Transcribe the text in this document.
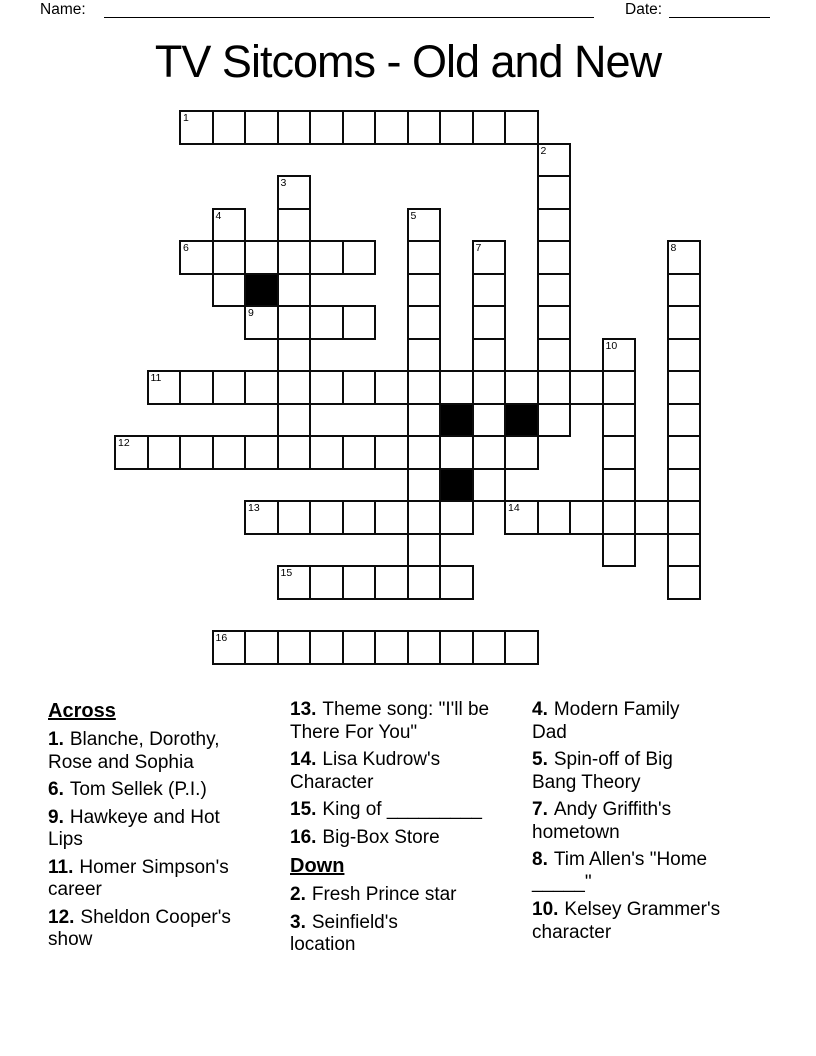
Name:	Date:
TV Sitcoms - Old and New
1
2
3
4	5
6	7	8
9
10
11
12
13	14
15
16

Across

1. Blanche, Dorothy, Rose and Sophia

6. Tom Sellek (P.I.)

9. Hawkeye and Hot Lips

11. Homer Simpson's career

12. Sheldon Cooper's show

13. Theme song: "I'll be There For You"

14. Lisa Kudrow's Character

15. King of _________

16. Big-Box Store

Down

2. Fresh Prince star

3. Seinfield's location

4. Modern Family Dad

5. Spin-off of Big Bang Theory

7. Andy Griffith's hometown

8. Tim Allen's "Home _____"

10. Kelsey Grammer's character
